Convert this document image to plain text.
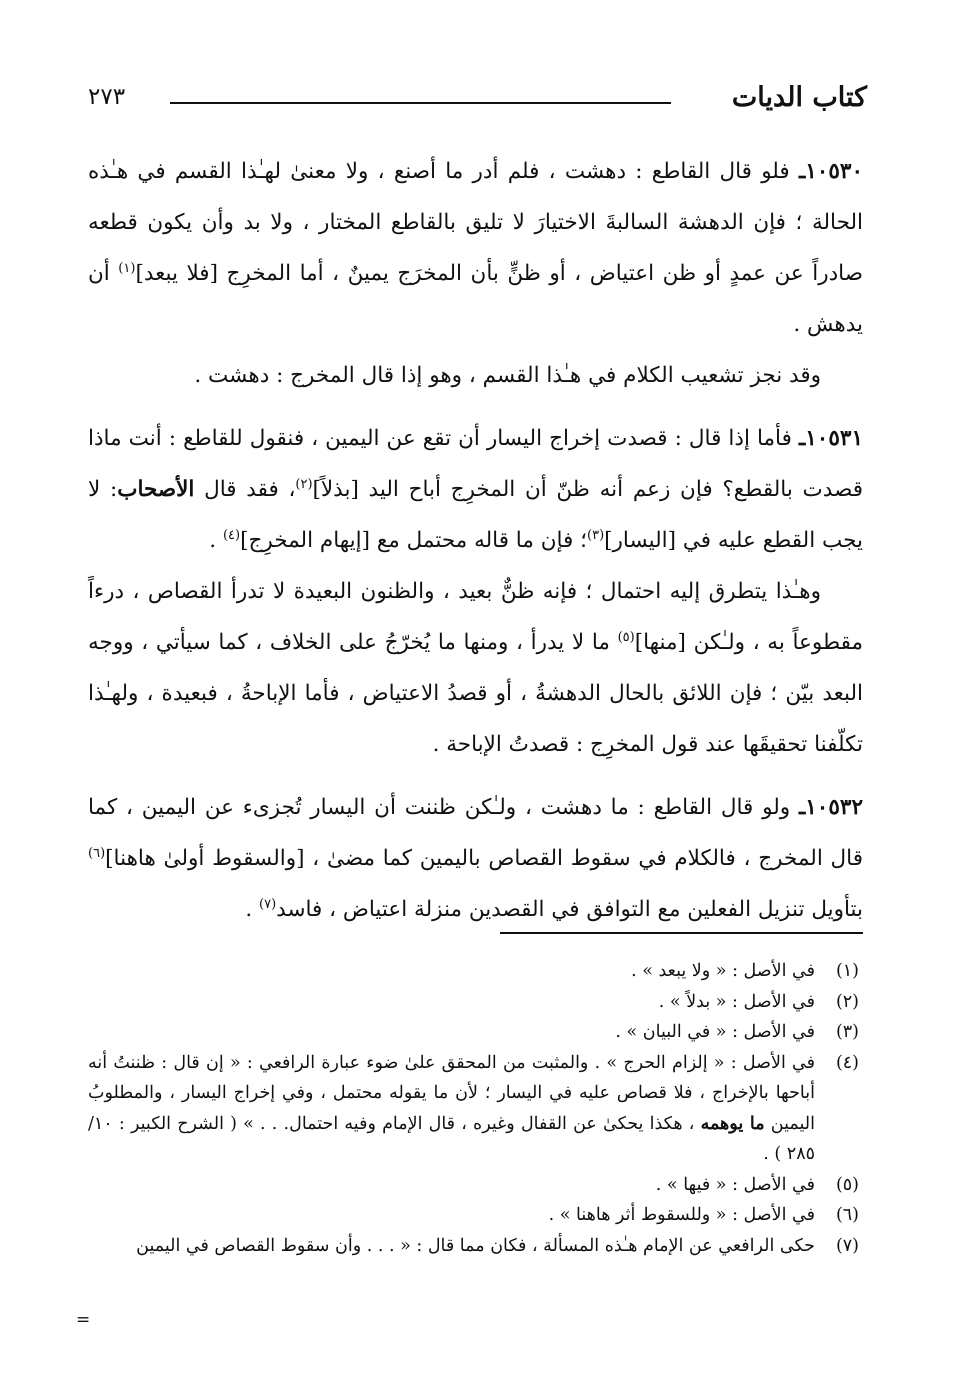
كتاب الديات
٢٧٣

١٠٥٣٠ـ فلو قال القاطع : دهشت ، فلم أدر ما أصنع ، ولا معنىٰ لهـٰذا القسم في هـٰذه الحالة ؛ فإن الدهشة السالبةَ الاختيارَ لا تليق بالقاطع المختار ، ولا بد وأن يكون قطعه صادراً عن عمدٍ أو ظن اعتياض ، أو ظنٍّ بأن المخرَج يمينٌ ، أما المخرِج [فلا يبعد]$^{(١)}$ أن يدهش .

وقد نجز تشعيب الكلام في هـٰذا القسم ، وهو إذا قال المخرج : دهشت .

١٠٥٣١ـ فأما إذا قال : قصدت إخراج اليسار أن تقع عن اليمين ، فنقول للقاطع : أنت ماذا قصدت بالقطع؟ فإن زعم أنه ظنّ أن المخرِج أباح اليد [بذلاً]$^{(٢)}$، فقد قال الأصحاب: لا يجب القطع عليه في [اليسار]$^{(٣)}$؛ فإن ما قاله محتمل مع [إيهام المخرِج]$^{(٤)}$ .

وهـٰذا يتطرق إليه احتمال ؛ فإنه ظنٌّ بعيد ، والظنون البعيدة لا تدرأ القصاص ، درءاً مقطوعاً به ، ولـٰكن [منها]$^{(٥)}$ ما لا يدرأ ، ومنها ما يُخرّجُ على الخلاف ، كما سيأتي ، ووجه البعد بيّن ؛ فإن اللائق بالحال الدهشةُ ، أو قصدُ الاعتياض ، فأما الإباحةُ ، فبعيدة ، ولهـٰذا تكلّفنا تحقيقَها عند قول المخرِج : قصدتُ الإباحة .

١٠٥٣٢ـ ولو قال القاطع : ما دهشت ، ولـٰكن ظننت أن اليسار تُجزىء عن اليمين ، كما قال المخرج ، فالكلام في سقوط القصاص باليمين كما مضىٰ ، [والسقوط أولىٰ هاهنا]$^{(٦)}$ بتأويل تنزيل الفعلين مع التوافق في القصدين منزلة اعتياض ، فاسد$^{(٧)}$ .

(١)
في الأصل : « ولا يبعد » .
(٢)
في الأصل : « بدلاً » .
(٣)
في الأصل : « في البيان » .
(٤)
في الأصل : « إلزام الحرج » . والمثبت من المحقق علىٰ ضوء عبارة الرافعي : « إن قال : ظننتُ أنه أباحها بالإخراج ، فلا قصاص عليه في اليسار ؛ لأن ما يقوله محتمل ، وفي إخراج اليسار ، والمطلوبُ اليمين ما يوهمه ، هكذا يحكىٰ عن القفال وغيره ، قال الإمام وفيه احتمال. . . » ( الشرح الكبير : ١٠/ ٢٨٥ ) .
(٥)
في الأصل : « فيها » .
(٦)
في الأصل : « وللسقوط أثر هاهنا » .
(٧)
حكى الرافعي عن الإمام هـٰذه المسألة ، فكان مما قال : « . . . وأن سقوط القصاص في اليمين
=
